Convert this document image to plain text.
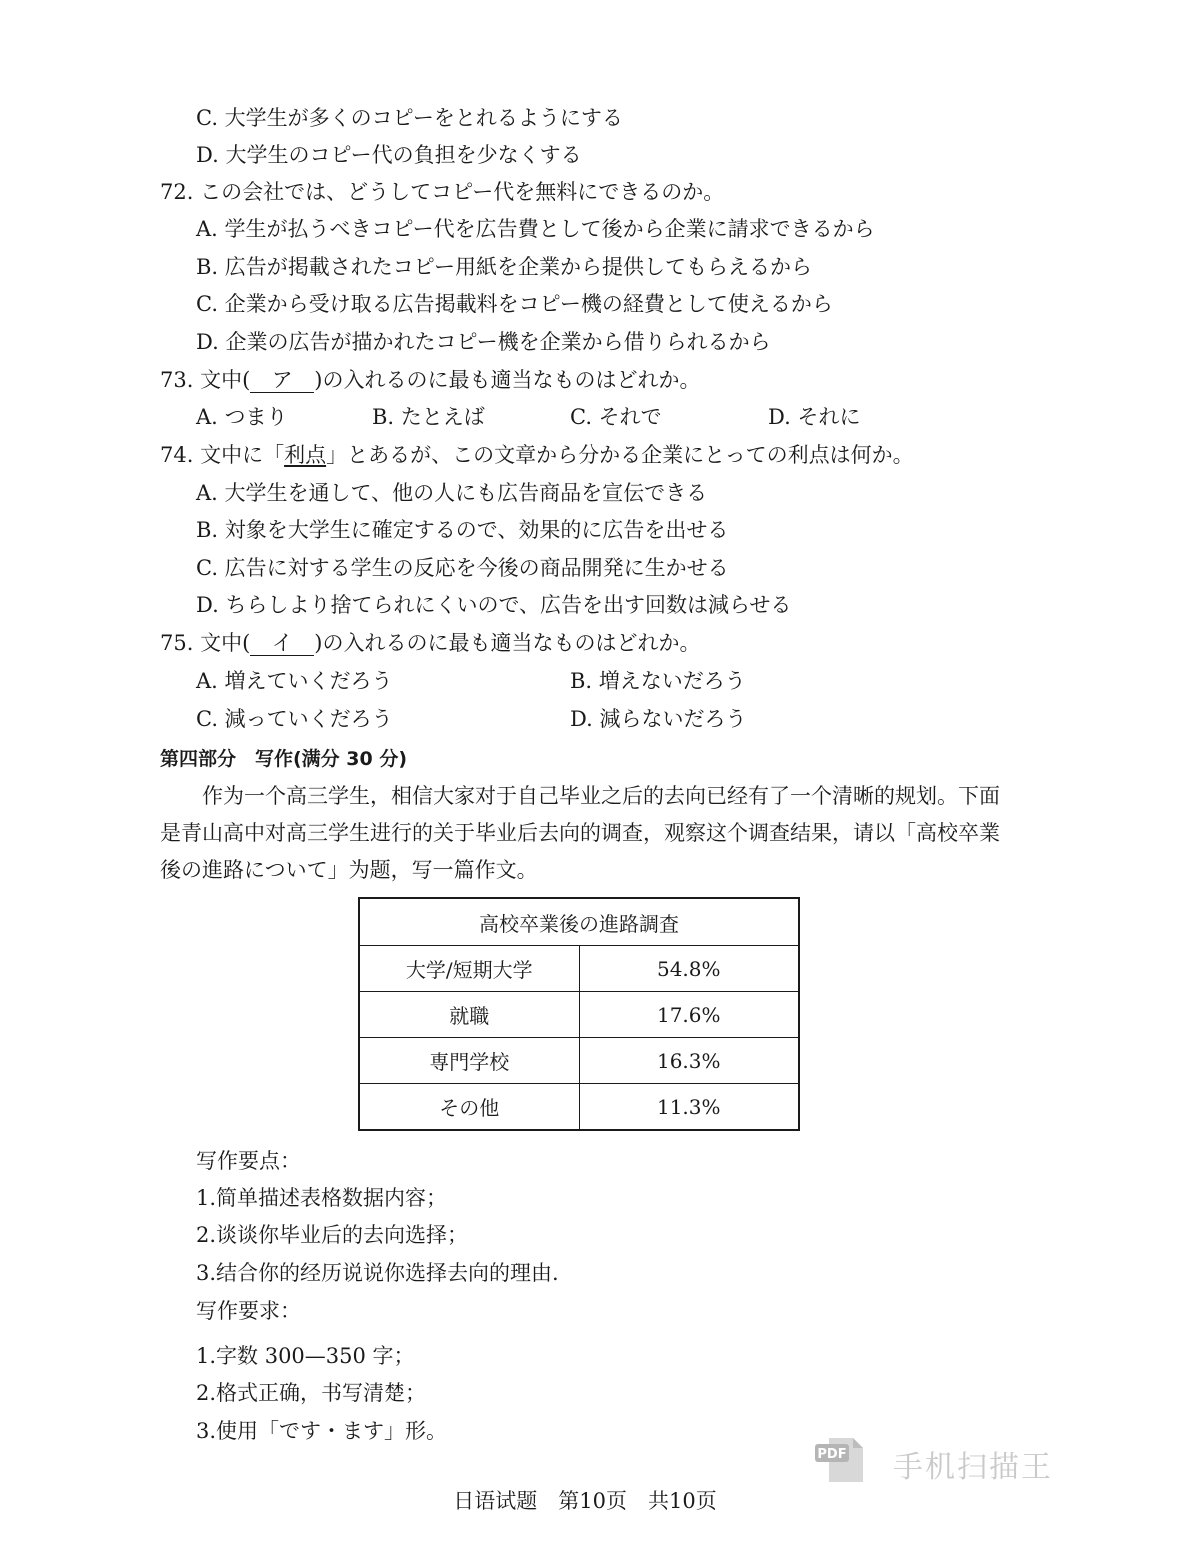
C. 大学生が多くのコピーをとれるようにする
D. 大学生のコピー代の負担を少なくする
72. この会社では、どうしてコピー代を無料にできるのか。
A. 学生が払うべきコピー代を広告費として後から企業に請求できるから
B. 広告が掲載されたコピー用紙を企業から提供してもらえるから
C. 企業から受け取る広告掲載料をコピー機の経費として使えるから
D. 企業の広告が描かれたコピー機を企業から借りられるから
73. 文中( ア )の入れるのに最も適当なものはどれか。
A. つまり	B. たとえば	C. それで	D. それに
74. 文中に「利点」とあるが、この文章から分かる企業にとっての利点は何か。
A. 大学生を通して、他の人にも広告商品を宣伝できる
B. 対象を大学生に確定するので、効果的に広告を出せる
C. 広告に対する学生の反応を今後の商品開発に生かせる
D. ちらしより捨てられにくいので、広告を出す回数は減らせる
75. 文中( イ )の入れるのに最も適当なものはどれか。
A. 増えていくだろう	B. 増えないだろう
C. 減っていくだろう	D. 減らないだろう
第四部分　写作(满分 30 分)

作为一个高三学生，相信大家对于自己毕业之后的去向已经有了一个清晰的规划。下面是青山高中对高三学生进行的关于毕业后去向的调查，观察这个调查结果，请以「高校卒業後の進路について」为题，写一篇作文。

高校卒業後の進路調査	
大学/短期大学	54.8%
就職	17.6%
専門学校	16.3%
その他	11.3%
写作要点：
1.简单描述表格数据内容；
2.谈谈你毕业后的去向选择；
3.结合你的经历说说你选择去向的理由.
写作要求：
1.字数 300—350 字；
2.格式正确，书写清楚；
3.使用「です・ます」形。
PDF 手机扫描王
日语试题　第10页　共10页
